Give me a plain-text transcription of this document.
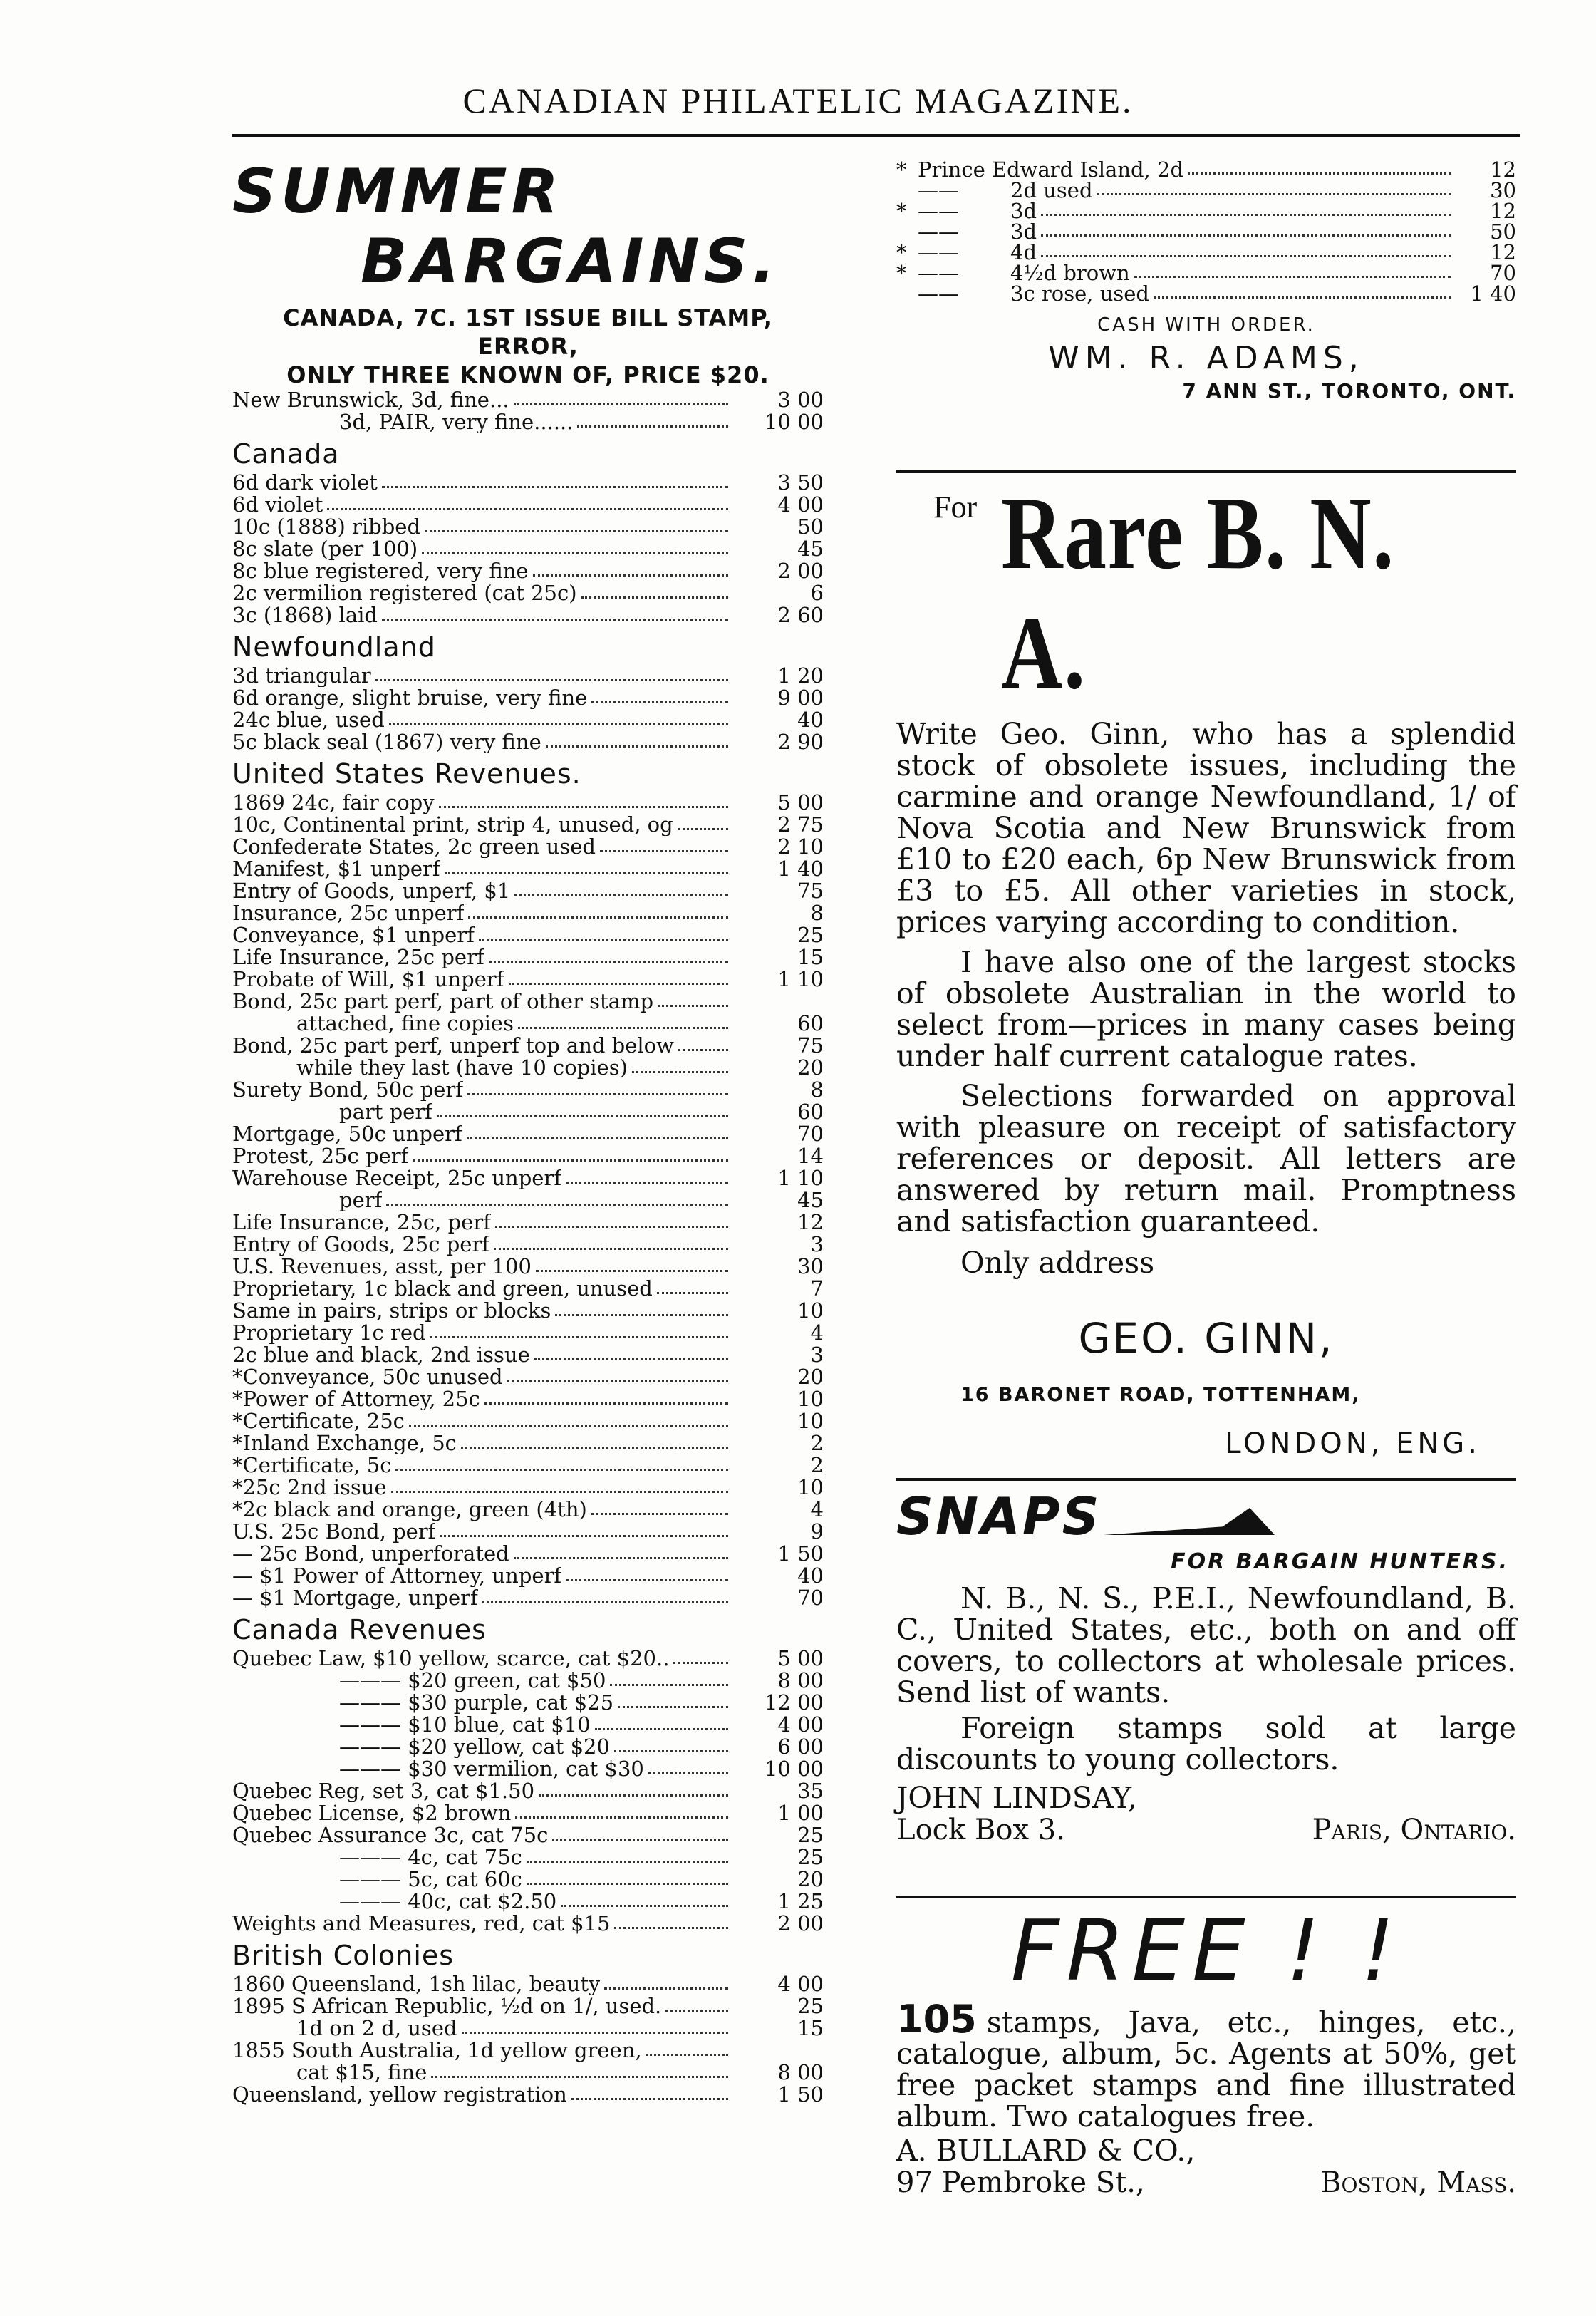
CANADIAN PHILATELIC MAGAZINE.
SUMMER
BARGAINS.
CANADA, 7C. 1ST ISSUE BILL STAMP, ERROR,
ONLY THREE KNOWN OF, PRICE $20.
New Brunswick, 3d, fine...	3 00
3d, PAIR, very fine......	10 00
Canada
6d dark violet	3 50
6d violet	4 00
10c (1888) ribbed	50
8c slate (per 100)	45
8c blue registered, very fine	2 00
2c vermilion registered (cat 25c)	6
3c (1868) laid	2 60
Newfoundland
3d triangular	1 20
6d orange, slight bruise, very fine	9 00
24c blue, used	40
5c black seal (1867) very fine	2 90
United States Revenues.
1869 24c, fair copy	5 00
10c, Continental print, strip 4, unused, og	2 75
Confederate States, 2c green used	2 10
Manifest, $1 unperf	1 40
Entry of Goods, unperf, $1	75
Insurance, 25c unperf	8
Conveyance, $1 unperf	25
Life Insurance, 25c perf	15
Probate of Will, $1 unperf	1 10
Bond, 25c part perf, part of other stamp
attached, fine copies	60
Bond, 25c part perf, unperf top and below	75
while they last (have 10 copies)	20
Surety Bond, 50c perf	8
part perf	60
Mortgage, 50c unperf	70
Protest, 25c perf	14
Warehouse Receipt, 25c unperf	1 10
perf	45
Life Insurance, 25c, perf	12
Entry of Goods, 25c perf	3
U.S. Revenues, asst, per 100	30
Proprietary, 1c black and green, unused	7
Same in pairs, strips or blocks	10
Proprietary 1c red	4
2c blue and black, 2nd issue	3
*Conveyance, 50c unused	20
*Power of Attorney, 25c	10
*Certificate, 25c	10
*Inland Exchange, 5c	2
*Certificate, 5c	2
*25c 2nd issue	10
*2c black and orange, green (4th)	4
U.S. 25c Bond, perf	9
— 25c Bond, unperforated	1 50
— $1 Power of Attorney, unperf	40
— $1 Mortgage, unperf	70
Canada Revenues
Quebec Law, $10 yellow, scarce, cat $20..	5 00
——— $20 green, cat $50	8 00
——— $30 purple, cat $25	12 00
——— $10 blue, cat $10	4 00
——— $20 yellow, cat $20	6 00
——— $30 vermilion, cat $30	10 00
Quebec Reg, set 3, cat $1.50	35
Quebec License, $2 brown	1 00
Quebec Assurance 3c, cat 75c	25
——— 4c, cat 75c	25
——— 5c, cat 60c	20
——— 40c, cat $2.50	1 25
Weights and Measures, red, cat $15	2 00
British Colonies
1860 Queensland, 1sh lilac, beauty	4 00
1895 S African Republic, ½d on 1/, used.	25
1d on 2 d, used	15
1855 South Australia, 1d yellow green,
cat $15, fine	8 00
Queensland, yellow registration	1 50
* Prince Edward Island, 2d	12
—— 2d used	30
* —— 3d	12
—— 3d	50
* —— 4d	12
* —— 4½d brown	70
—— 3c rose, used	1 40
CASH WITH ORDER.
WM. R. ADAMS,
7 ANN ST., TORONTO, ONT.
For Rare B. N. A.
Write Geo. Ginn, who has a splendid stock of obsolete issues, including the carmine and orange Newfoundland, 1/ of Nova Scotia and New Brunswick from £10 to £20 each, 6p New Brunswick from £3 to £5. All other varieties in stock, prices varying according to condition.
I have also one of the largest stocks of obsolete Australian in the world to select from—prices in many cases being under half current catalogue rates.
Selections forwarded on approval with pleasure on receipt of satisfactory references or deposit. All letters are answered by return mail. Promptness and satisfaction guaranteed.
Only address
GEO. GINN,
16 BARONET ROAD, TOTTENHAM,
LONDON, ENG.
SNAPS
FOR BARGAIN HUNTERS.
N. B., N. S., P.E.I., Newfoundland, B. C., United States, etc., both on and off covers, to collectors at wholesale prices. Send list of wants.
Foreign stamps sold at large discounts to young collectors.
JOHN LINDSAY,
Lock Box 3.	Paris, Ontario.
FREE ! !
105 stamps, Java, etc., hinges, etc., catalogue, album, 5c. Agents at 50%, get free packet stamps and fine illustrated album. Two catalogues free.
A. BULLARD & CO.,
97 Pembroke St.,	Boston, Mass.
